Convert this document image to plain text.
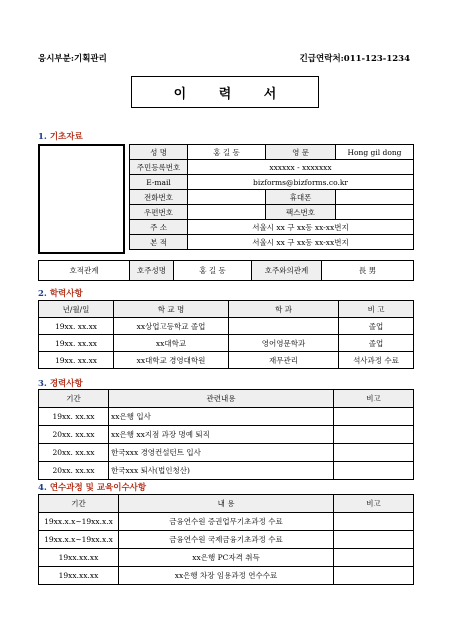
응시부분:기획관리	긴급연락처:011-123-1234
이 력 서
1. 기초자료
성 명	홍 길 동	영 문	Hong gil dong
주민등록번호	xxxxxx - xxxxxxx		
E-mail	bizforms@bizforms.co.kr		
전화번호		휴대폰	
우편번호		팩스번호	
주 소	서울시 xx 구 xx동 xx-xx번지		
본 적	서울시 xx 구 xx동 xx-xx번지		
호적관계	호주성명	홍 길 동	호주와의관계	長 男
2. 학력사항
년/월/일	학 교 명	학 과	비 고
19xx. xx.xx	xx상업고등학교 졸업		졸업
19xx. xx.xx	xx대학교	영어영문학과	졸업
19xx. xx.xx	xx대학교 경영대학원	재무관리	석사과정 수료
3. 경력사항
기간	관련내용	비고
19xx. xx.xx	xx은행 입사	
20xx. xx.xx	xx은행 xx지점 과장 명예 퇴직	
20xx. xx.xx	한국xxx 경영컨설턴트 입사	
20xx. xx.xx	한국xxx 퇴사(법인청산)	
4. 연수과정 및 교육이수사항
기간	내 용	비고
19xx.x.x~19xx.x.x	금융연수원 증권업무기초과정 수료	
19xx.x.x~19xx.x.x	금융연수원 국제금융기초과정 수료	
19xx.xx.xx	xx은행 PC자격 취득	
19xx.xx.xx	xx은행 차장 임용과정 연수수료	
